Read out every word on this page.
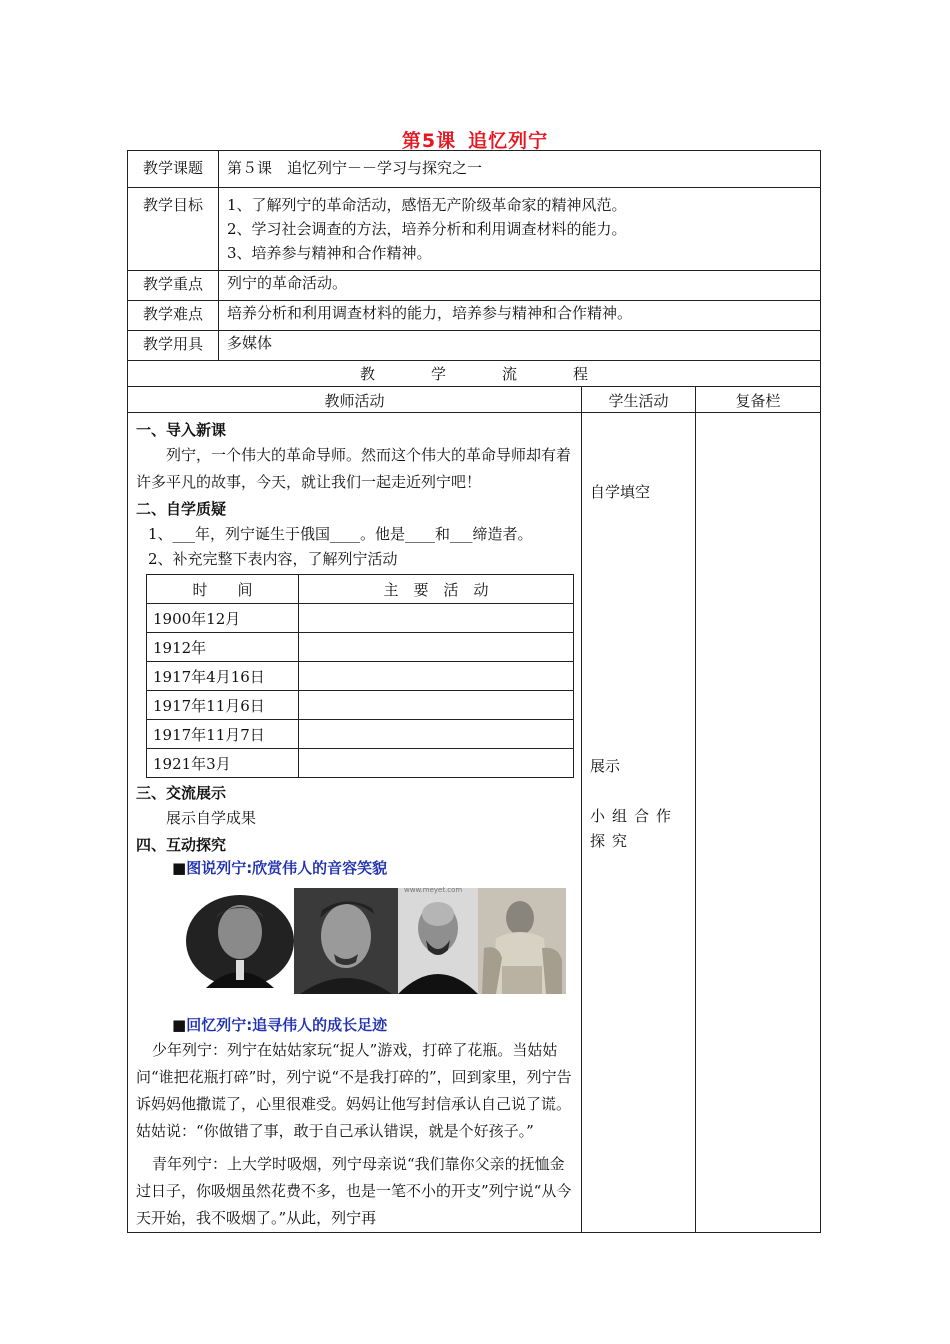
第5课 追忆列宁
教学课题	第５课　追忆列宁－－学习与探究之一

教学目标	1、了解列宁的革命活动，感悟无产阶级革命家的精神风范。
2、学习社会调查的方法，培养分析和利用调查材料的能力。
3、培养参与精神和合作精神。

教学重点	列宁的革命活动。

教学难点	培养分析和利用调查材料的能力，培养参与精神和合作精神。

教学用具	多媒体

教	学	流	程
教师活动	学生活动	复备栏

一、导入新课
列宁，一个伟大的革命导师。然而这个伟大的革命导师却有着许多平凡的故事，今天，就让我们一起走近列宁吧！
二、自学质疑
1、___年，列宁诞生于俄国____。他是____和___缔造者。
2、补充完整下表内容，了解列宁活动
时　　间	主　要　活　动
1900年12月	
1912年	
1917年4月16日	
1917年11月6日	
1917年11月7日	
1921年3月	
三、交流展示
展示自学成果
四、互动探究
■图说列宁:欣赏伟人的音容笑貌
www.meyet.com
■回忆列宁:追寻伟人的成长足迹
少年列宁：列宁在姑姑家玩“捉人”游戏，打碎了花瓶。当姑姑问“谁把花瓶打碎”时，列宁说“不是我打碎的”，回到家里，列宁告诉妈妈他撒谎了，心里很难受。妈妈让他写封信承认自己说了谎。姑姑说：“你做错了事，敢于自己承认错误，就是个好孩子。”
青年列宁：上大学时吸烟，列宁母亲说“我们靠你父亲的抚恤金过日子，你吸烟虽然花费不多，也是一笔不小的开支”列宁说“从今天开始，我不吸烟了。”从此，列宁再

自学填空
展示
小组合作探究
